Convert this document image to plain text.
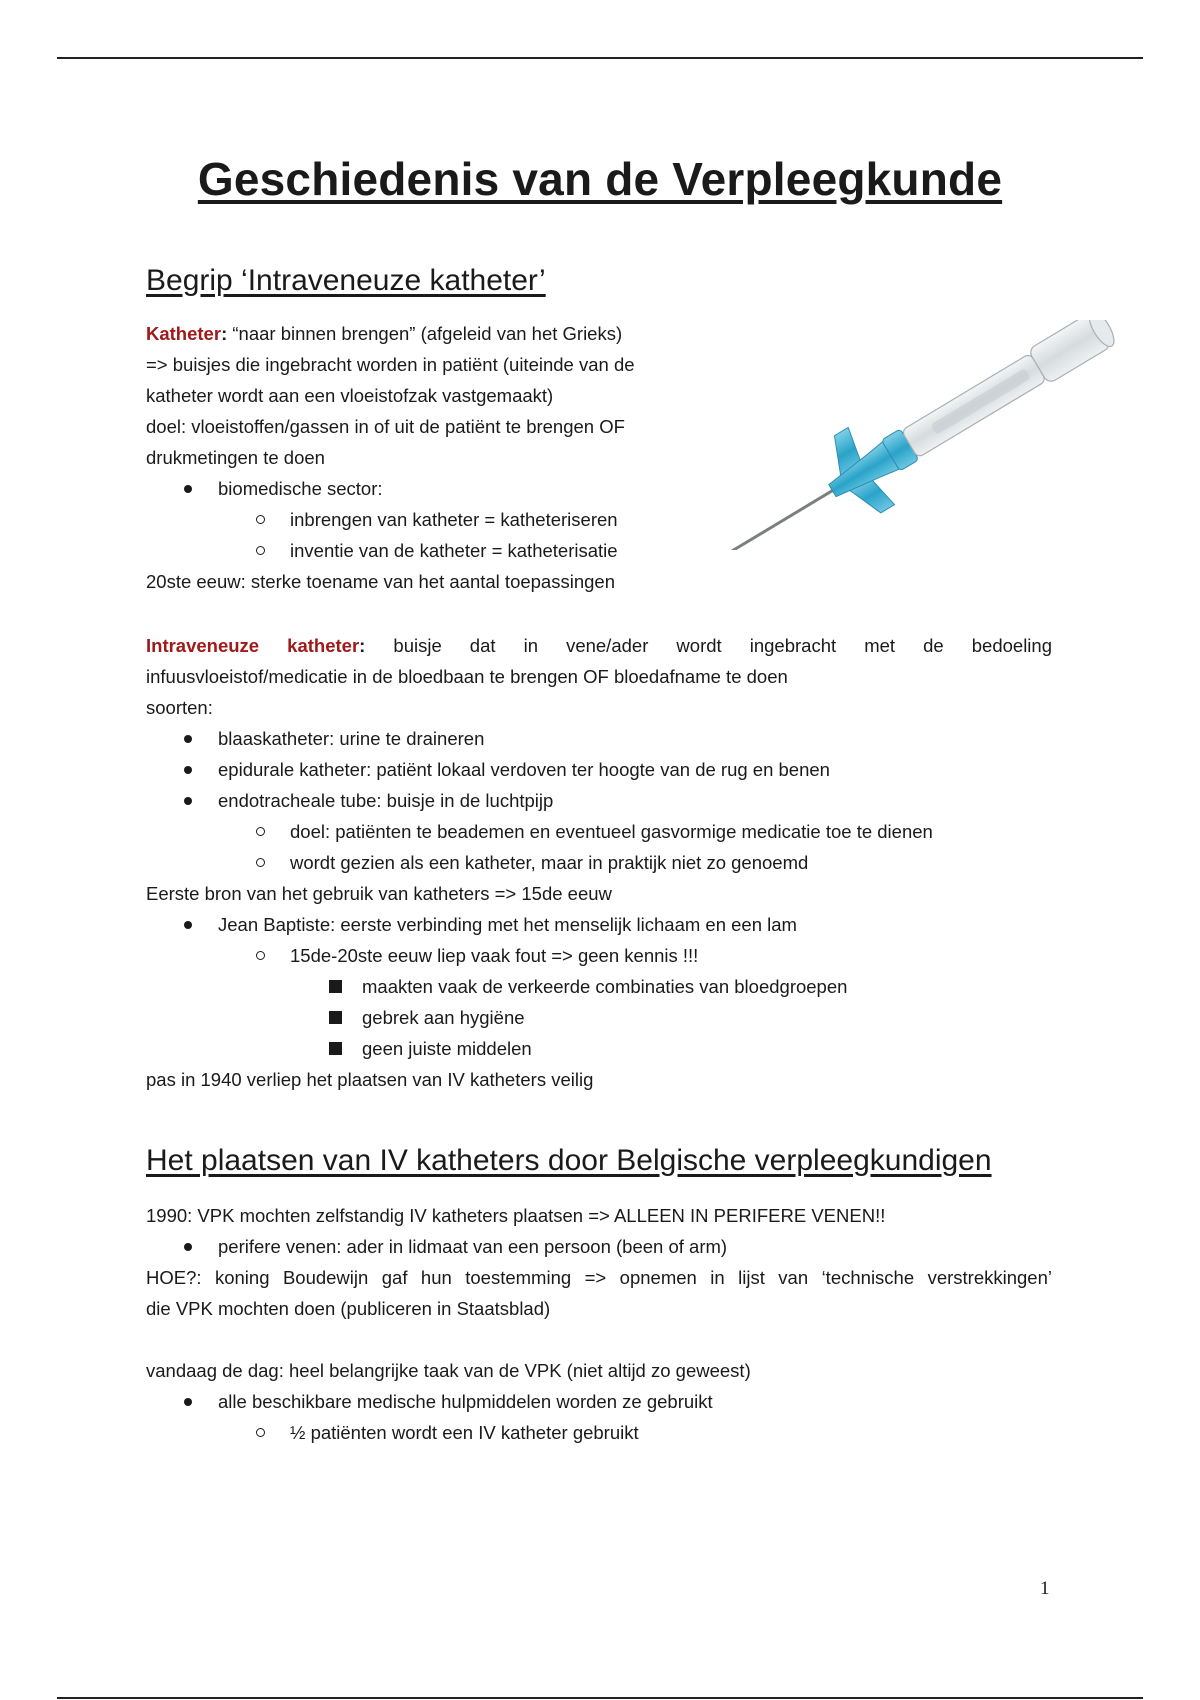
Geschiedenis van de Verpleegkunde
Begrip ‘Intraveneuze katheter’
Katheter: “naar binnen brengen” (afgeleid van het Grieks)
=> buisjes die ingebracht worden in patiënt (uiteinde van de
katheter wordt aan een vloeistofzak vastgemaakt)
doel: vloeistoffen/gassen in of uit de patiënt te brengen OF
drukmetingen te doen
biomedische sector:
inbrengen van katheter = katheteriseren
inventie van de katheter = katheterisatie
20ste eeuw: sterke toename van het aantal toepassingen
Intraveneuze katheter: buisje dat in vene/ader wordt ingebracht met de bedoeling
infuusvloeistof/medicatie in de bloedbaan te brengen OF bloedafname te doen
soorten:
blaaskatheter: urine te draineren
epidurale katheter: patiënt lokaal verdoven ter hoogte van de rug en benen
endotracheale tube: buisje in de luchtpijp
doel: patiënten te beademen en eventueel gasvormige medicatie toe te dienen
wordt gezien als een katheter, maar in praktijk niet zo genoemd
Eerste bron van het gebruik van katheters => 15de eeuw
Jean Baptiste: eerste verbinding met het menselijk lichaam en een lam
15de-20ste eeuw liep vaak fout => geen kennis !!!
maakten vaak de verkeerde combinaties van bloedgroepen
gebrek aan hygiëne
geen juiste middelen
pas in 1940 verliep het plaatsen van IV katheters veilig
Het plaatsen van IV katheters door Belgische verpleegkundigen
1990: VPK mochten zelfstandig IV katheters plaatsen => ALLEEN IN PERIFERE VENEN!!
perifere venen: ader in lidmaat van een persoon (been of arm)
HOE?: koning Boudewijn gaf hun toestemming => opnemen in lijst van ‘technische verstrekkingen’
die VPK mochten doen (publiceren in Staatsblad)
vandaag de dag: heel belangrijke taak van de VPK (niet altijd zo geweest)
alle beschikbare medische hulpmiddelen worden ze gebruikt
½ patiënten wordt een IV katheter gebruikt
1
